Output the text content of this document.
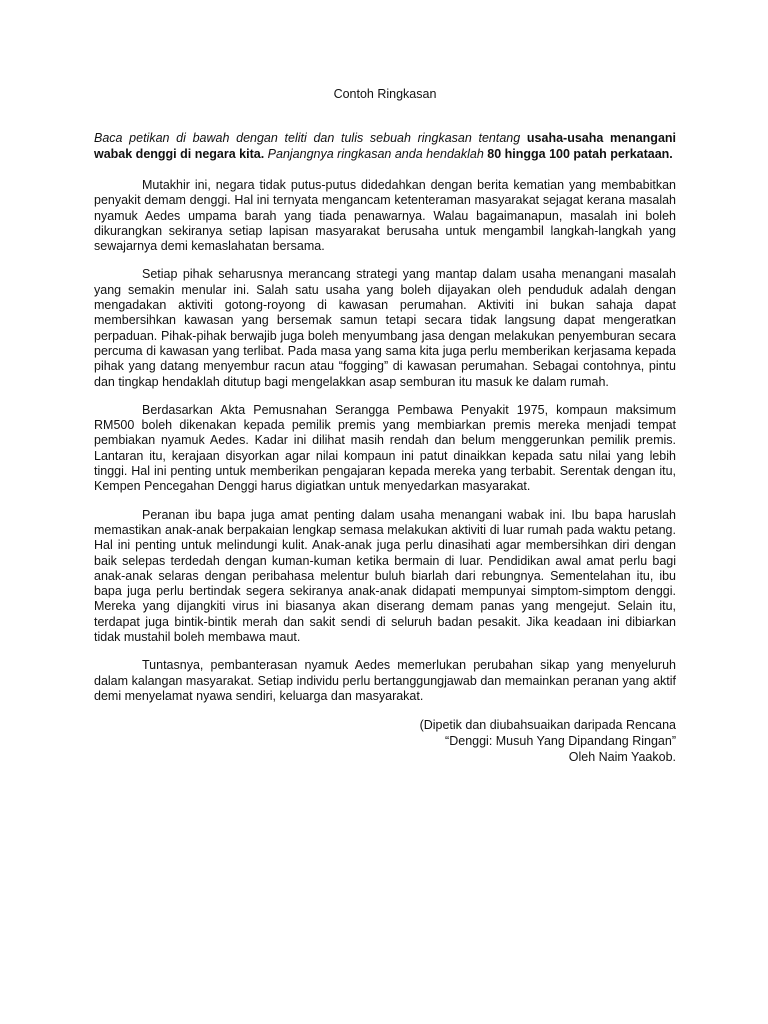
Contoh Ringkasan
Baca petikan di bawah dengan teliti dan tulis sebuah ringkasan tentang usaha-usaha menangani wabak denggi di negara kita. Panjangnya ringkasan anda hendaklah 80 hingga 100 patah perkataan.

Mutakhir ini, negara tidak putus-putus didedahkan dengan berita kematian yang membabitkan penyakit demam denggi. Hal ini ternyata mengancam ketenteraman masyarakat sejagat kerana masalah nyamuk Aedes umpama barah yang tiada penawarnya. Walau bagaimanapun, masalah ini boleh dikurangkan sekiranya setiap lapisan masyarakat berusaha untuk mengambil langkah-langkah yang sewajarnya demi kemaslahatan bersama.

Setiap pihak seharusnya merancang strategi yang mantap dalam usaha menangani masalah yang semakin menular ini. Salah satu usaha yang boleh dijayakan oleh penduduk adalah dengan mengadakan aktiviti gotong-royong di kawasan perumahan. Aktiviti ini bukan sahaja dapat membersihkan kawasan yang bersemak samun tetapi secara tidak langsung dapat mengeratkan perpaduan. Pihak-pihak berwajib juga boleh menyumbang jasa dengan melakukan penyemburan secara percuma di kawasan yang terlibat. Pada masa yang sama kita juga perlu memberikan kerjasama kepada pihak yang datang menyembur racun atau “fogging” di kawasan perumahan. Sebagai contohnya, pintu dan tingkap hendaklah ditutup bagi mengelakkan asap semburan itu masuk ke dalam rumah.

Berdasarkan Akta Pemusnahan Serangga Pembawa Penyakit 1975, kompaun maksimum RM500 boleh dikenakan kepada pemilik premis yang membiarkan premis mereka menjadi tempat pembiakan nyamuk Aedes. Kadar ini dilihat masih rendah dan belum menggerunkan pemilik premis. Lantaran itu, kerajaan disyorkan agar nilai kompaun ini patut dinaikkan kepada satu nilai yang lebih tinggi. Hal ini penting untuk memberikan pengajaran kepada mereka yang terbabit. Serentak dengan itu, Kempen Pencegahan Denggi harus digiatkan untuk menyedarkan masyarakat.

Peranan ibu bapa juga amat penting dalam usaha menangani wabak ini. Ibu bapa haruslah memastikan anak-anak berpakaian lengkap semasa melakukan aktiviti di luar rumah pada waktu petang. Hal ini penting untuk melindungi kulit. Anak-anak juga perlu dinasihati agar membersihkan diri dengan baik selepas terdedah dengan kuman-kuman ketika bermain di luar. Pendidikan awal amat perlu bagi anak-anak selaras dengan peribahasa melentur buluh biarlah dari rebungnya. Sementelahan itu, ibu bapa juga perlu bertindak segera sekiranya anak-anak didapati mempunyai simptom-simptom denggi. Mereka yang dijangkiti virus ini biasanya akan diserang demam panas yang mengejut. Selain itu, terdapat juga bintik-bintik merah dan sakit sendi di seluruh badan pesakit. Jika keadaan ini dibiarkan tidak mustahil boleh membawa maut.

Tuntasnya, pembanterasan nyamuk Aedes memerlukan perubahan sikap yang menyeluruh dalam kalangan masyarakat. Setiap individu perlu bertanggungjawab dan memainkan peranan yang aktif demi menyelamat nyawa sendiri, keluarga dan masyarakat.

(Dipetik dan diubahsuaikan daripada Rencana
“Denggi: Musuh Yang Dipandang Ringan”
Oleh Naim Yaakob.
